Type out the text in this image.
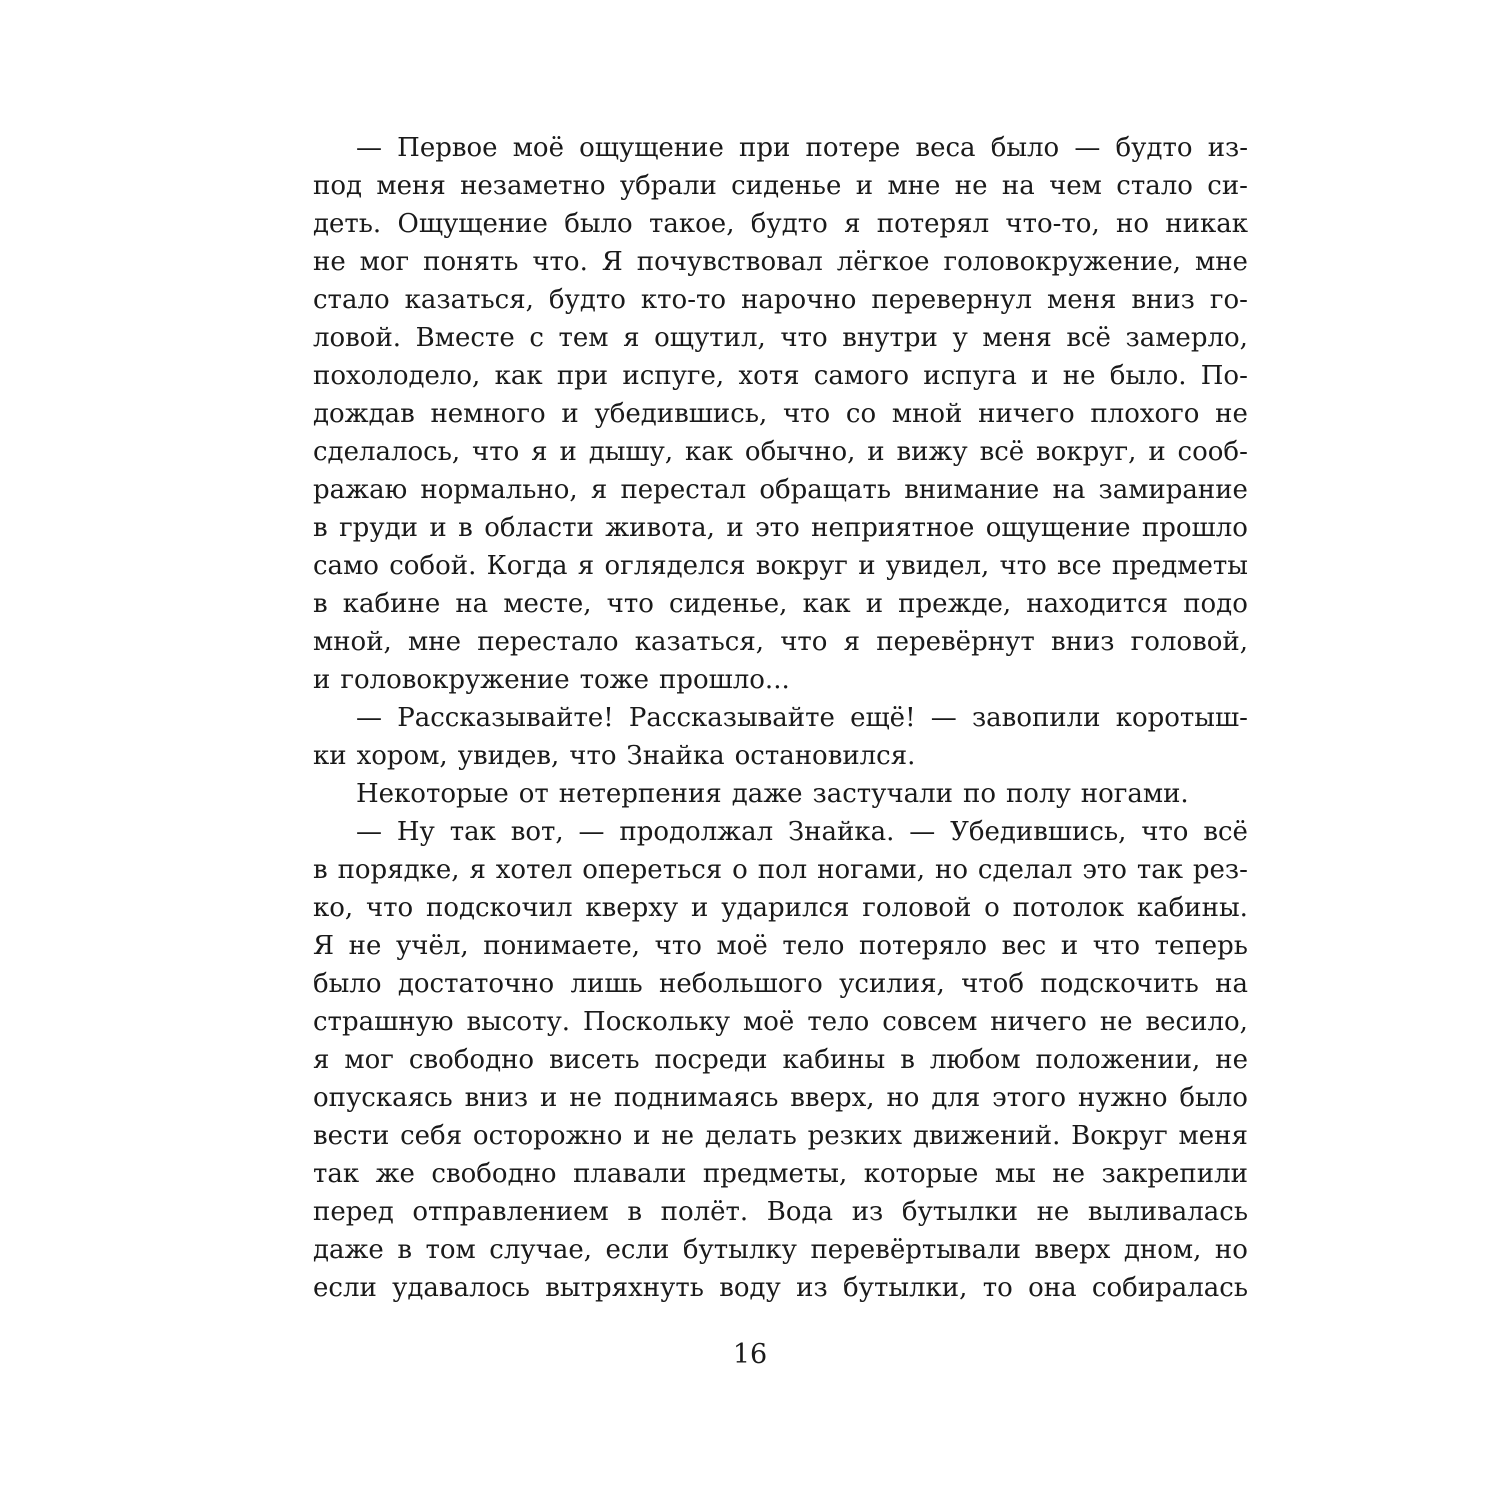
— Первое моё ощущение при потере веса было — будто из-
под меня незаметно убрали сиденье и мне не на чем стало си-
деть. Ощущение было такое, будто я потерял что-то, но никак
не мог понять что. Я почувствовал лёгкое головокружение, мне
стало казаться, будто кто-то нарочно перевернул меня вниз го-
ловой. Вместе с тем я ощутил, что внутри у меня всё замерло,
похолодело, как при испуге, хотя самого испуга и не было. По-
дождав немного и убедившись, что со мной ничего плохого не
сделалось, что я и дышу, как обычно, и вижу всё вокруг, и сооб-
ражаю нормально, я перестал обращать внимание на замирание
в груди и в области живота, и это неприятное ощущение прошло
само собой. Когда я огляделся вокруг и увидел, что все предметы
в кабине на месте, что сиденье, как и прежде, находится подо
мной, мне перестало казаться, что я перевёрнут вниз головой,
и головокружение тоже прошло...
— Рассказывайте! Рассказывайте ещё! — завопили коротыш-
ки хором, увидев, что Знайка остановился.
Некоторые от нетерпения даже застучали по полу ногами.
— Ну так вот, — продолжал Знайка. — Убедившись, что всё
в порядке, я хотел опереться о пол ногами, но сделал это так рез-
ко, что подскочил кверху и ударился головой о потолок кабины.
Я не учёл, понимаете, что моё тело потеряло вес и что теперь
было достаточно лишь небольшого усилия, чтоб подскочить на
страшную высоту. Поскольку моё тело совсем ничего не весило,
я мог свободно висеть посреди кабины в любом положении, не
опускаясь вниз и не поднимаясь вверх, но для этого нужно было
вести себя осторожно и не делать резких движений. Вокруг меня
так же свободно плавали предметы, которые мы не закрепили
перед отправлением в полёт. Вода из бутылки не выливалась
даже в том случае, если бутылку перевёртывали вверх дном, но
если удавалось вытряхнуть воду из бутылки, то она собиралась
16
